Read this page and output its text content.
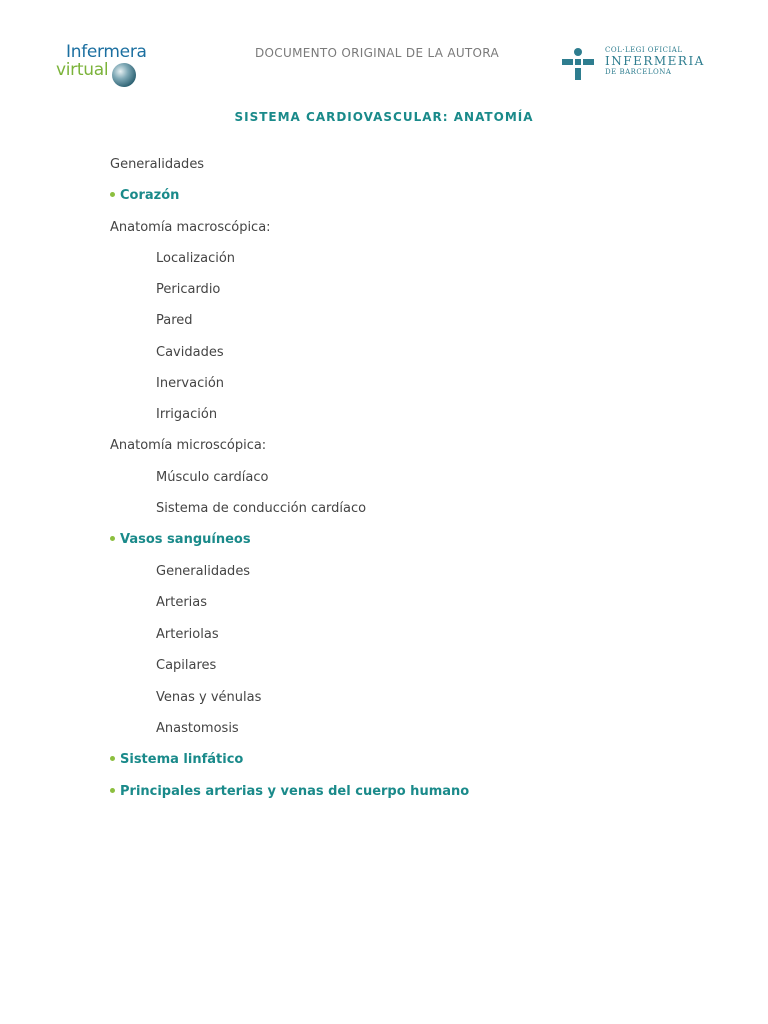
Infermera
virtual
DOCUMENTO ORIGINAL DE LA AUTORA	COL·LEGI OFICIAL
INFERMERIA
DE BARCELONA
SISTEMA CARDIOVASCULAR: ANATOMÍA
Generalidades
Corazón
Anatomía macroscópica:
Localización
Pericardio
Pared
Cavidades
Inervación
Irrigación
Anatomía microscópica:
Músculo cardíaco
Sistema de conducción cardíaco
Vasos sanguíneos
Generalidades
Arterias
Arteriolas
Capilares
Venas y vénulas
Anastomosis
Sistema linfático
Principales arterias y venas del cuerpo humano
